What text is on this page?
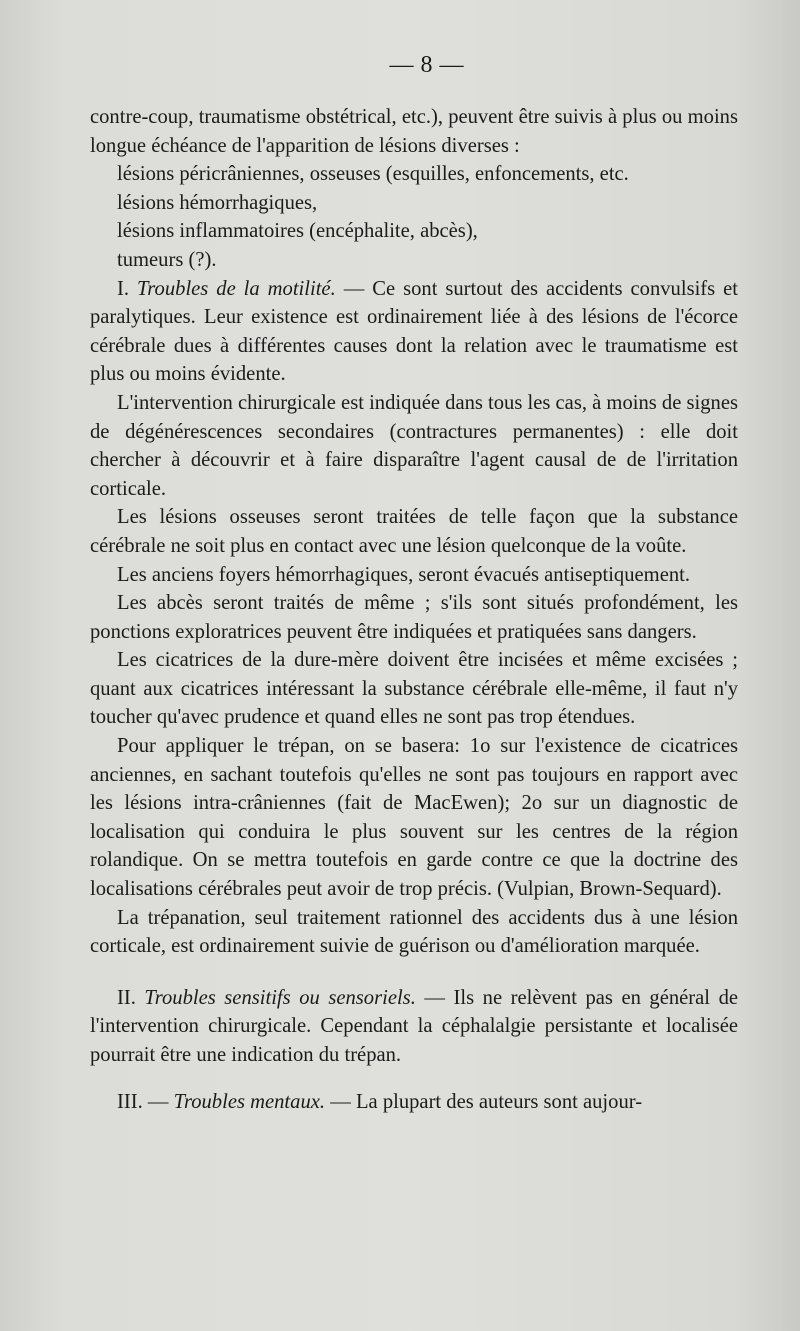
— 8 —

contre-coup, traumatisme obstétrical, etc.), peuvent être suivis à plus ou moins longue échéance de l'apparition de lésions diverses :

lésions péricrâniennes, osseuses (esquilles, enfoncements, etc.
lésions hémorrhagiques,
lésions inflammatoires (encéphalite, abcès),
tumeurs (?).

I. Troubles de la motilité. — Ce sont surtout des accidents convulsifs et paralytiques. Leur existence est ordinairement liée à des lésions de l'écorce cérébrale dues à différentes causes dont la relation avec le traumatisme est plus ou moins évidente.

L'intervention chirurgicale est indiquée dans tous les cas, à moins de signes de dégénérescences secondaires (contractures permanentes) : elle doit chercher à découvrir et à faire disparaître l'agent causal de de l'irritation corticale.

Les lésions osseuses seront traitées de telle façon que la substance cérébrale ne soit plus en contact avec une lésion quelconque de la voûte.

Les anciens foyers hémorrhagiques, seront évacués antiseptiquement.

Les abcès seront traités de même ; s'ils sont situés profondément, les ponctions exploratrices peuvent être indiquées et pratiquées sans dangers.

Les cicatrices de la dure-mère doivent être incisées et même excisées ; quant aux cicatrices intéressant la substance cérébrale elle-même, il faut n'y toucher qu'avec prudence et quand elles ne sont pas trop étendues.

Pour appliquer le trépan, on se basera: 1o sur l'existence de cicatrices anciennes, en sachant toutefois qu'elles ne sont pas toujours en rapport avec les lésions intra-crâniennes (fait de MacEwen); 2o sur un diagnostic de localisation qui conduira le plus souvent sur les centres de la région rolandique. On se mettra toutefois en garde contre ce que la doctrine des localisations cérébrales peut avoir de trop précis. (Vulpian, Brown-Sequard).

La trépanation, seul traitement rationnel des accidents dus à une lésion corticale, est ordinairement suivie de guérison ou d'amélioration marquée.

II. Troubles sensitifs ou sensoriels. — Ils ne relèvent pas en général de l'intervention chirurgicale. Cependant la céphalalgie persistante et localisée pourrait être une indication du trépan.

III. — Troubles mentaux. — La plupart des auteurs sont aujour-
